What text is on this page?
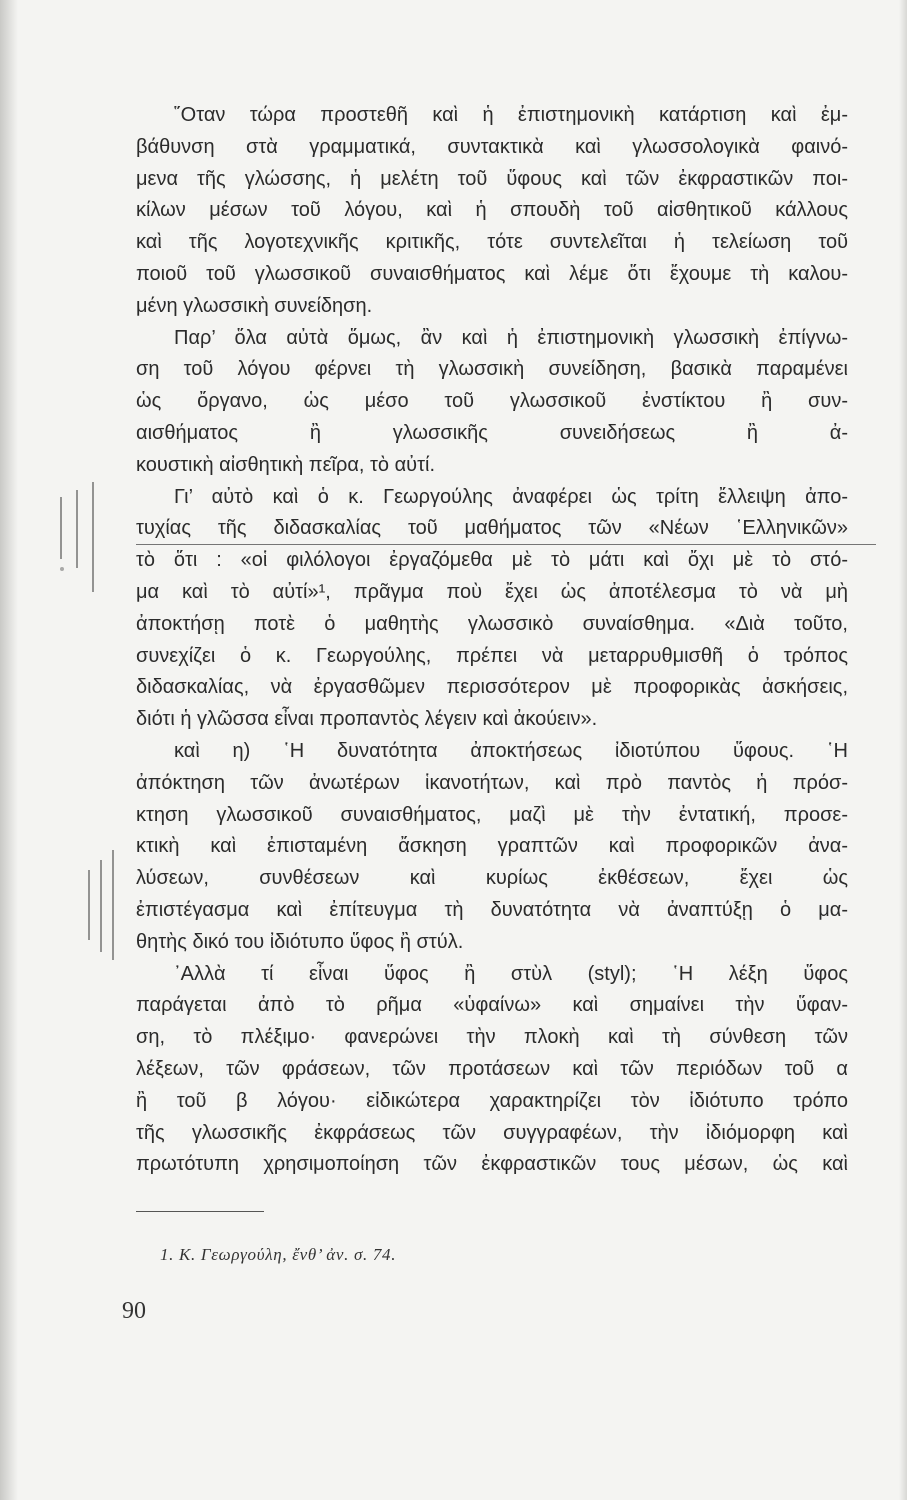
῞Οταν τώρα προστεθῆ καὶ ἡ ἐπιστημονικὴ κατάρτιση καὶ ἐμ-
βάθυνση στὰ γραμματικά, συντακτικὰ καὶ γλωσσολογικὰ φαινό-
μενα τῆς γλώσσης, ἡ μελέτη τοῦ ὕφους καὶ τῶν ἐκφραστικῶν ποι-
κίλων μέσων τοῦ λόγου, καὶ ἡ σπουδὴ τοῦ αἰσθητικοῦ κάλλους
καὶ τῆς λογοτεχνικῆς κριτικῆς, τότε συντελεῖται ἡ τελείωση τοῦ
ποιοῦ τοῦ γλωσσικοῦ συναισθήματος καὶ λέμε ὅτι ἔχουμε τὴ καλου-
μένη γλωσσικὴ συνείδηση.
Παρ’ ὅλα αὐτὰ ὅμως, ἂν καὶ ἡ ἐπιστημονικὴ γλωσσικὴ ἐπίγνω-
ση τοῦ λόγου φέρνει τὴ γλωσσικὴ συνείδηση, βασικὰ παραμένει
ὡς ὄργανο, ὡς μέσο τοῦ γλωσσικοῦ ἐνστίκτου ἢ συν-
αισθήματος ἢ γλωσσικῆς συνειδήσεως ἢ ἀ-
κουστικὴ αἰσθητικὴ πεῖρα, τὸ αὐτί.
Γι’ αὐτὸ καὶ ὁ κ. Γεωργούλης ἀναφέρει ὡς τρίτη ἔλλειψη ἀπο-
τυχίας τῆς διδασκαλίας τοῦ μαθήματος τῶν «Νέων ῾Ελληνικῶν»
τὸ ὅτι : «οἱ φιλόλογοι ἐργαζόμεθα μὲ τὸ μάτι καὶ ὄχι μὲ τὸ στό-
μα καὶ τὸ αὐτί»¹, πρᾶγμα ποὺ ἔχει ὡς ἀποτέλεσμα τὸ νὰ μὴ
ἀποκτήσῃ ποτὲ ὁ μαθητὴς γλωσσικὸ συναίσθημα. «Διὰ τοῦτο,
συνεχίζει ὁ κ. Γεωργούλης, πρέπει νὰ μεταρρυθμισθῆ ὁ τρόπος
διδασκαλίας, νὰ ἐργασθῶμεν περισσότερον μὲ προφορικὰς ἀσκήσεις,
διότι ἡ γλῶσσα εἶναι προπαντὸς λέγειν καὶ ἀκούειν».
καὶ η) ῾Η δυνατότητα ἀποκτήσεως ἰδιοτύπου ὕφους. ῾Η
ἀπόκτηση τῶν ἀνωτέρων ἱκανοτήτων, καὶ πρὸ παντὸς ἡ πρόσ-
κτηση γλωσσικοῦ συναισθήματος, μαζὶ μὲ τὴν ἐντατική, προσε-
κτικὴ καὶ ἐπισταμένη ἄσκηση γραπτῶν καὶ προφορικῶν ἀνα-
λύσεων, συνθέσεων καὶ κυρίως ἐκθέσεων, ἔχει ὡς
ἐπιστέγασμα καὶ ἐπίτευγμα τὴ δυνατότητα νὰ ἀναπτύξῃ ὁ μα-
θητὴς δικό του ἰδιότυπο ὕφος ἢ στύλ.
᾿Αλλὰ τί εἶναι ὕφος ἢ στὺλ (styl); ῾Η λέξη ὕφος
παράγεται ἀπὸ τὸ ρῆμα «ὑφαίνω» καὶ σημαίνει τὴν ὕφαν-
ση, τὸ πλέξιμο· φανερώνει τὴν πλοκὴ καὶ τὴ σύνθεση τῶν
λέξεων, τῶν φράσεων, τῶν προτάσεων καὶ τῶν περιόδων τοῦ α
ἢ τοῦ β λόγου· εἰδικώτερα χαρακτηρίζει τὸν ἰδιότυπο τρόπο
τῆς γλωσσικῆς ἐκφράσεως τῶν συγγραφέων, τὴν ἰδιόμορφη καὶ
πρωτότυπη χρησιμοποίηση τῶν ἐκφραστικῶν τους μέσων, ὡς καὶ
1. Κ. Γεωργούλη, ἔνθ’ ἀν. σ. 74.
90
